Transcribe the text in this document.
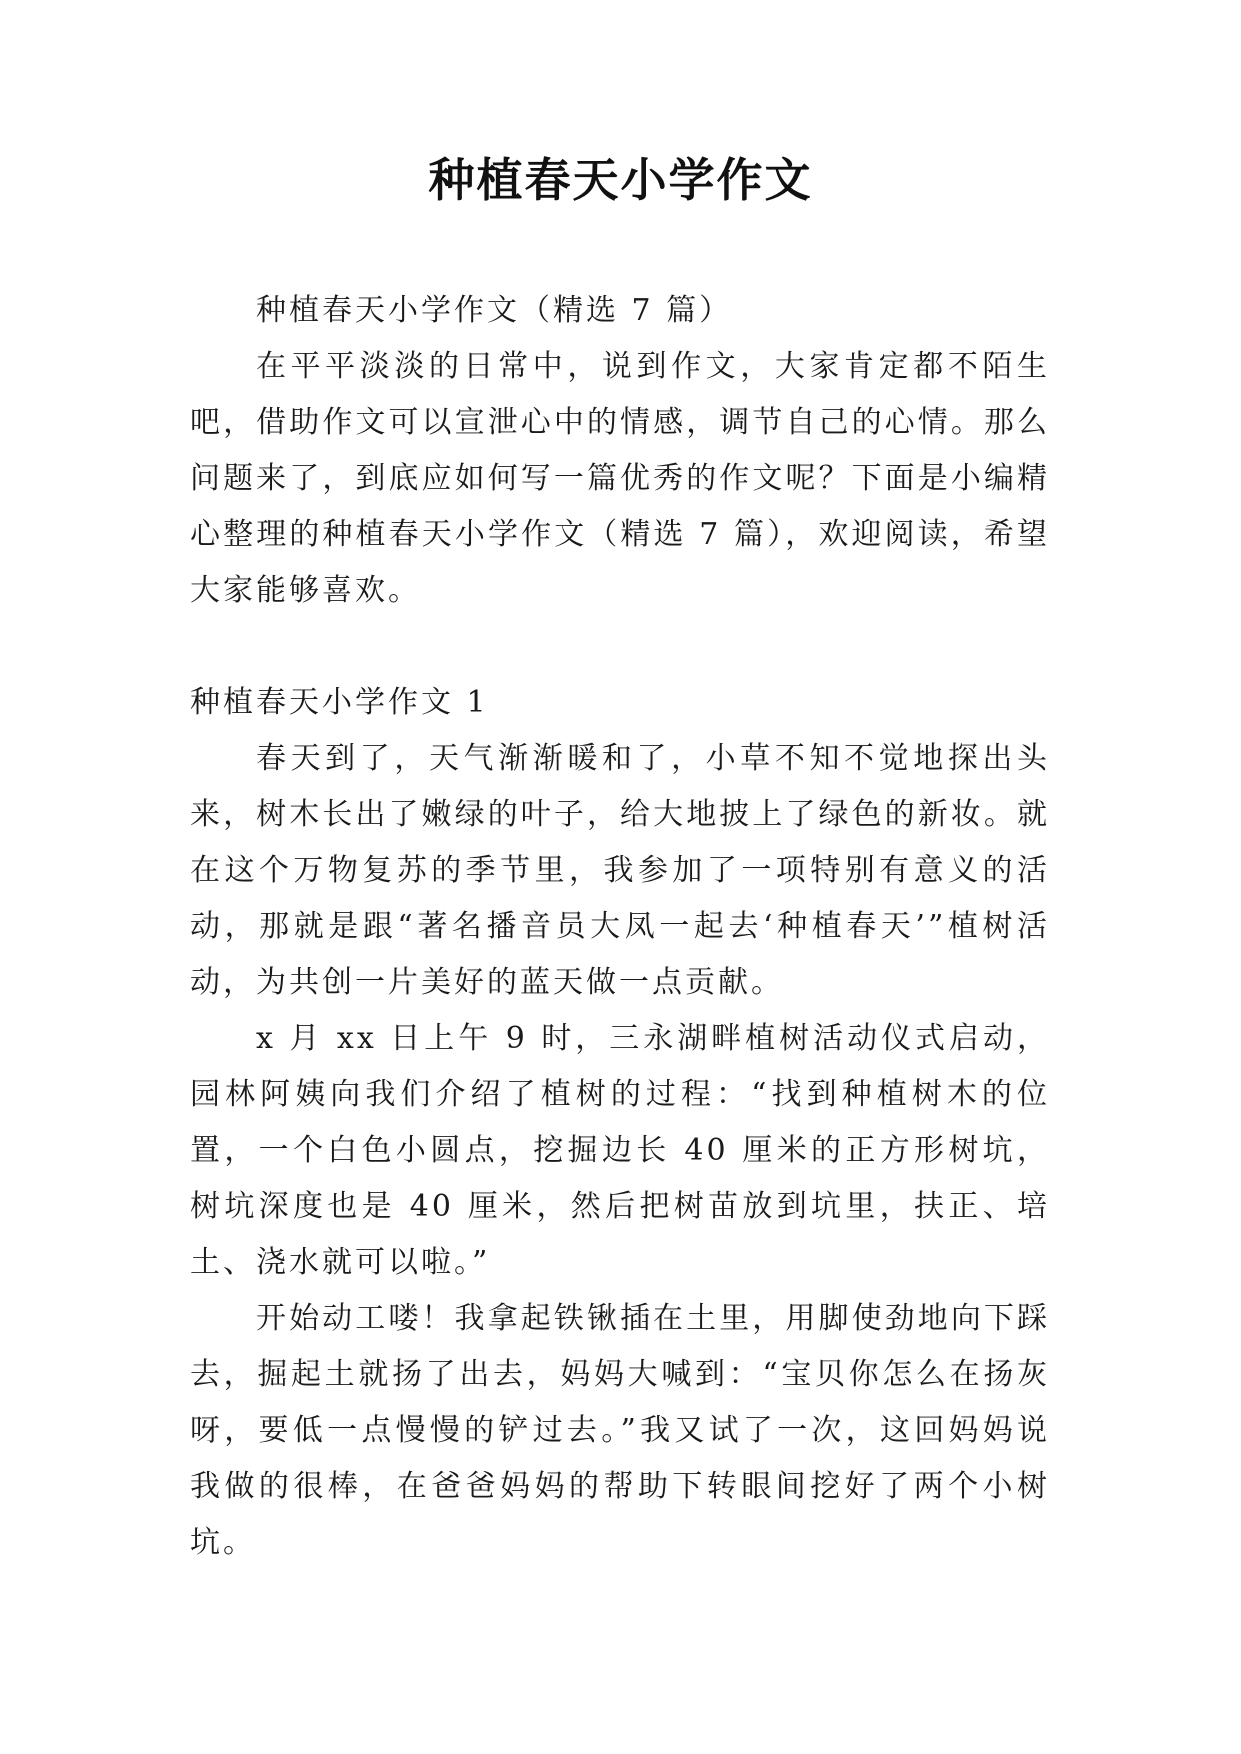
种植春天小学作文

种植春天小学作文（精选 7 篇）

在平平淡淡的日常中，说到作文，大家肯定都不陌生吧，借助作文可以宣泄心中的情感，调节自己的心情。那么问题来了，到底应如何写一篇优秀的作文呢？下面是小编精心整理的种植春天小学作文（精选 7 篇），欢迎阅读，希望大家能够喜欢。

种植春天小学作文 1

春天到了，天气渐渐暖和了，小草不知不觉地探出头来，树木长出了嫩绿的叶子，给大地披上了绿色的新妆。就在这个万物复苏的季节里，我参加了一项特别有意义的活动，那就是跟“著名播音员大凤一起去‘种植春天’”植树活动，为共创一片美好的蓝天做一点贡献。

x 月 xx 日上午 9 时，三永湖畔植树活动仪式启动，园林阿姨向我们介绍了植树的过程：“找到种植树木的位置，一个白色小圆点，挖掘边长 40 厘米的正方形树坑，树坑深度也是 40 厘米，然后把树苗放到坑里，扶正、培土、浇水就可以啦。”

开始动工喽！我拿起铁锹插在土里，用脚使劲地向下踩去，掘起土就扬了出去，妈妈大喊到：“宝贝你怎么在扬灰呀，要低一点慢慢的铲过去。”我又试了一次，这回妈妈说我做的很棒，在爸爸妈妈的帮助下转眼间挖好了两个小树坑。
